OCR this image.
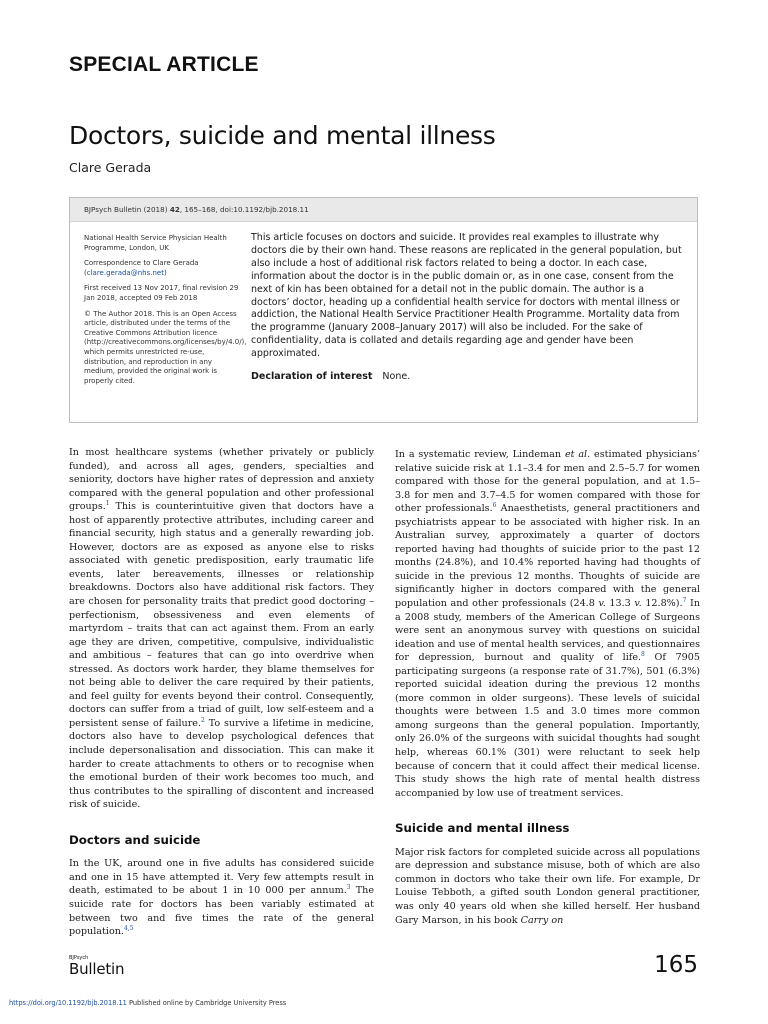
SPECIAL ARTICLE
Doctors, suicide and mental illness
Clare Gerada
BJPsych Bulletin (2018) 42, 165–168, doi:10.1192/bjb.2018.11

National Health Service Physician Health Programme, London, UK

Correspondence to Clare Gerada (clare.gerada@nhs.net)

First received 13 Nov 2017, final revision 29 Jan 2018, accepted 09 Feb 2018

© The Author 2018. This is an Open Access article, distributed under the terms of the Creative Commons Attribution licence (http://creativecommons.org/licenses/by/4.0/), which permits unrestricted re-use, distribution, and reproduction in any medium, provided the original work is properly cited.

This article focuses on doctors and suicide. It provides real examples to illustrate why doctors die by their own hand. These reasons are replicated in the general population, but also include a host of additional risk factors related to being a doctor. In each case, information about the doctor is in the public domain or, as in one case, consent from the next of kin has been obtained for a detail not in the public domain. The author is a doctors’ doctor, heading up a confidential health service for doctors with mental illness or addiction, the National Health Service Practitioner Health Programme. Mortality data from the programme (January 2008–January 2017) will also be included. For the sake of confidentiality, data is collated and details regarding age and gender have been approximated.

Declaration of interest None.

In most healthcare systems (whether privately or publicly funded), and across all ages, genders, specialties and seniority, doctors have higher rates of depression and anxiety compared with the general population and other professional groups.$^1$ This is counterintuitive given that doctors have a host of apparently protective attributes, including career and financial security, high status and a generally rewarding job. However, doctors are as exposed as anyone else to risks associated with genetic predisposition, early traumatic life events, later bereavements, illnesses or relationship breakdowns. Doctors also have additional risk factors. They are chosen for personality traits that predict good doctoring – perfectionism, obsessiveness and even elements of martyrdom – traits that can act against them. From an early age they are driven, competitive, compulsive, individualistic and ambitious – features that can go into overdrive when stressed. As doctors work harder, they blame themselves for not being able to deliver the care required by their patients, and feel guilty for events beyond their control. Consequently, doctors can suffer from a triad of guilt, low self-esteem and a persistent sense of failure.$^2$ To survive a lifetime in medicine, doctors also have to develop psychological defences that include depersonalisation and dissociation. This can make it harder to create attachments to others or to recognise when the emotional burden of their work becomes too much, and thus contributes to the spiralling of discontent and increased risk of suicide.

Doctors and suicide

In the UK, around one in five adults has considered suicide and one in 15 have attempted it. Very few attempts result in death, estimated to be about 1 in 10 000 per annum.$^3$ The suicide rate for doctors has been variably estimated at between two and five times the rate of the general population.$^{4,5}$

In a systematic review, Lindeman et al. estimated physicians’ relative suicide risk at 1.1–3.4 for men and 2.5–5.7 for women compared with those for the general population, and at 1.5–3.8 for men and 3.7–4.5 for women compared with those for other professionals.$^6$ Anaesthetists, general practitioners and psychiatrists appear to be associated with higher risk. In an Australian survey, approximately a quarter of doctors reported having had thoughts of suicide prior to the past 12 months (24.8%), and 10.4% reported having had thoughts of suicide in the previous 12 months. Thoughts of suicide are significantly higher in doctors compared with the general population and other professionals (24.8 v. 13.3 v. 12.8%).$^7$ In a 2008 study, members of the American College of Surgeons were sent an anonymous survey with questions on suicidal ideation and use of mental health services, and questionnaires for depression, burnout and quality of life.$^8$ Of 7905 participating surgeons (a response rate of 31.7%), 501 (6.3%) reported suicidal ideation during the previous 12 months (more common in older surgeons). These levels of suicidal thoughts were between 1.5 and 3.0 times more common among surgeons than the general population. Importantly, only 26.0% of the surgeons with suicidal thoughts had sought help, whereas 60.1% (301) were reluctant to seek help because of concern that it could affect their medical license. This study shows the high rate of mental health distress accompanied by low use of treatment services.

Suicide and mental illness

Major risk factors for completed suicide across all populations are depression and substance misuse, both of which are also common in doctors who take their own life. For example, Dr Louise Tebboth, a gifted south London general practitioner, was only 40 years old when she killed herself. Her husband Gary Marson, in his book Carry on

BJPsych
Bulletin	165
https://doi.org/10.1192/bjb.2018.11 Published online by Cambridge University Press
